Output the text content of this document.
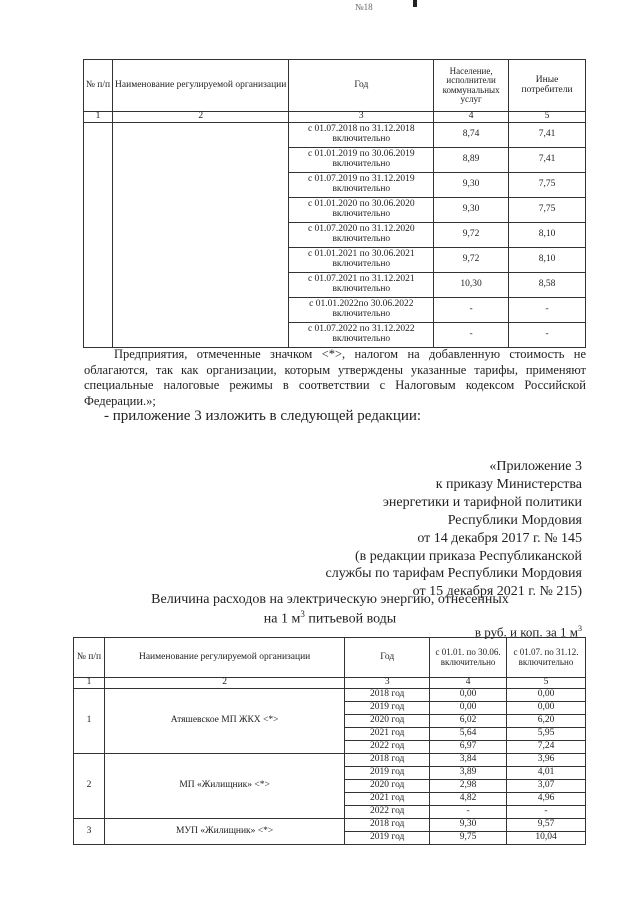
№18
№ п/п	Наименование регулируемой организации	Год	Население, исполнители коммунальных услуг	Иные потребители
1	2	3	4	5
		с 01.07.2018 по 31.12.2018 включительно	8,74	7,41
		с 01.01.2019 по 30.06.2019 включительно	8,89	7,41
		с 01.07.2019 по 31.12.2019 включительно	9,30	7,75
		с 01.01.2020 по 30.06.2020 включительно	9,30	7,75
		с 01.07.2020 по 31.12.2020 включительно	9,72	8,10
		с 01.01.2021 по 30.06.2021 включительно	9,72	8,10
		с 01.07.2021 по 31.12.2021 включительно	10,30	8,58
		с 01.01.2022по 30.06.2022 включительно	-	-
		с 01.07.2022 по 31.12.2022 включительно	-	-
Предприятия, отмеченные значком <*>, налогом на добавленную стоимость не облагаются, так как организации, которым утверждены указанные тарифы, применяют специальные налоговые режимы в соответствии с Налоговым кодексом Российской Федерации.»;
- приложение 3 изложить в следующей редакции:
«Приложение 3
к приказу Министерства
энергетики и тарифной политики
Республики Мордовия
от 14 декабря 2017 г. № 145
(в редакции приказа Республиканской
службы по тарифам Республики Мордовия
от 15 декабря 2021 г. № 215)
Величина расходов на электрическую энергию, отнесенных
на 1 $м^3$ питьевой воды
в руб. и коп. за 1 $м^3$
№ п/п	Наименование регулируемой организации	Год	с 01.01. по 30.06. включительно	с 01.07. по 31.12. включительно
1	2	3	4	5
1	Атяшевское МП ЖКХ <*>	2018 год	0,00	0,00
		2019 год	0,00	0,00
		2020 год	6,02	6,20
		2021 год	5,64	5,95
		2022 год	6,97	7,24
2	МП «Жилищник» <*>	2018 год	3,84	3,96
		2019 год	3,89	4,01
		2020 год	2,98	3,07
		2021 год	4,82	4,96
		2022 год	-	-
3	МУП «Жилищник» <*>	2018 год	9,30	9,57
		2019 год	9,75	10,04
